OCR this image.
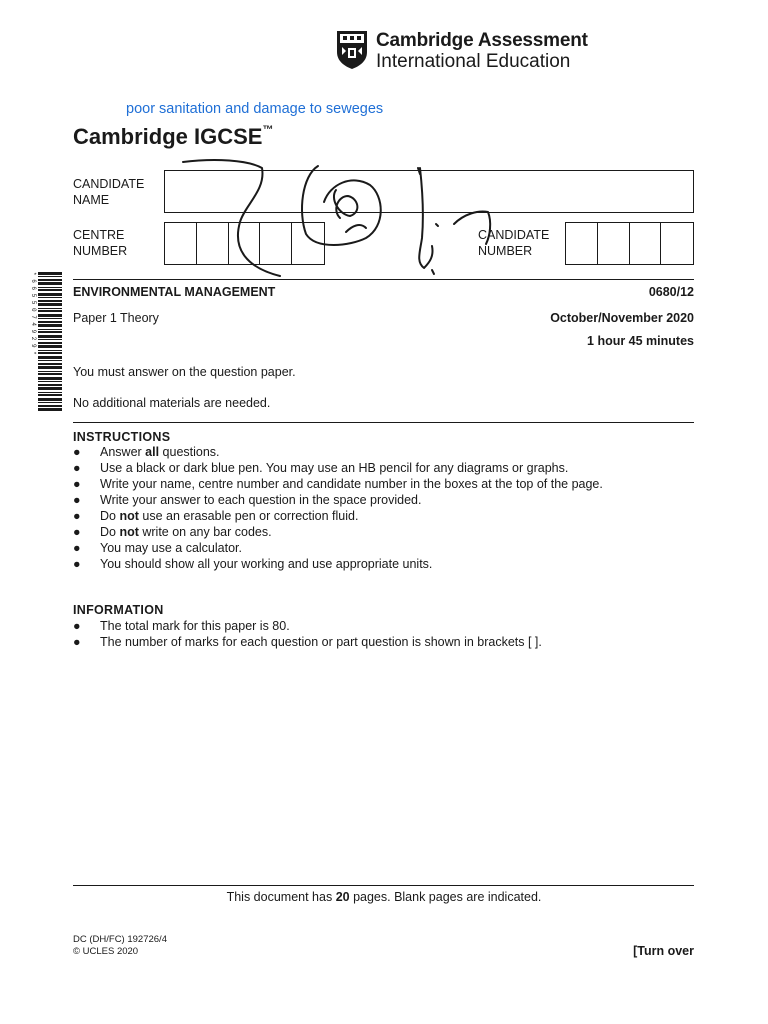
Cambridge Assessment
International Education
poor sanitation and damage to seweges
Cambridge IGCSE™
CANDIDATE
NAME
CENTRE
NUMBER
CANDIDATE
NUMBER
* 6 6 5 5 0 7 4 9 2 9 *	ENVIRONMENTAL MANAGEMENT	0680/12
Paper 1 Theory	October/November 2020
1 hour 45 minutes
You must answer on the question paper.
No additional materials are needed.
INSTRUCTIONS
● Answer all questions.
● Use a black or dark blue pen. You may use an HB pencil for any diagrams or graphs.
● Write your name, centre number and candidate number in the boxes at the top of the page.
● Write your answer to each question in the space provided.
● Do not use an erasable pen or correction fluid.
● Do not write on any bar codes.
● You may use a calculator.
● You should show all your working and use appropriate units.
INFORMATION
● The total mark for this paper is 80.
● The number of marks for each question or part question is shown in brackets [ ].
This document has 20 pages. Blank pages are indicated.
DC (DH/FC) 192726/4
© UCLES 2020	[Turn over
